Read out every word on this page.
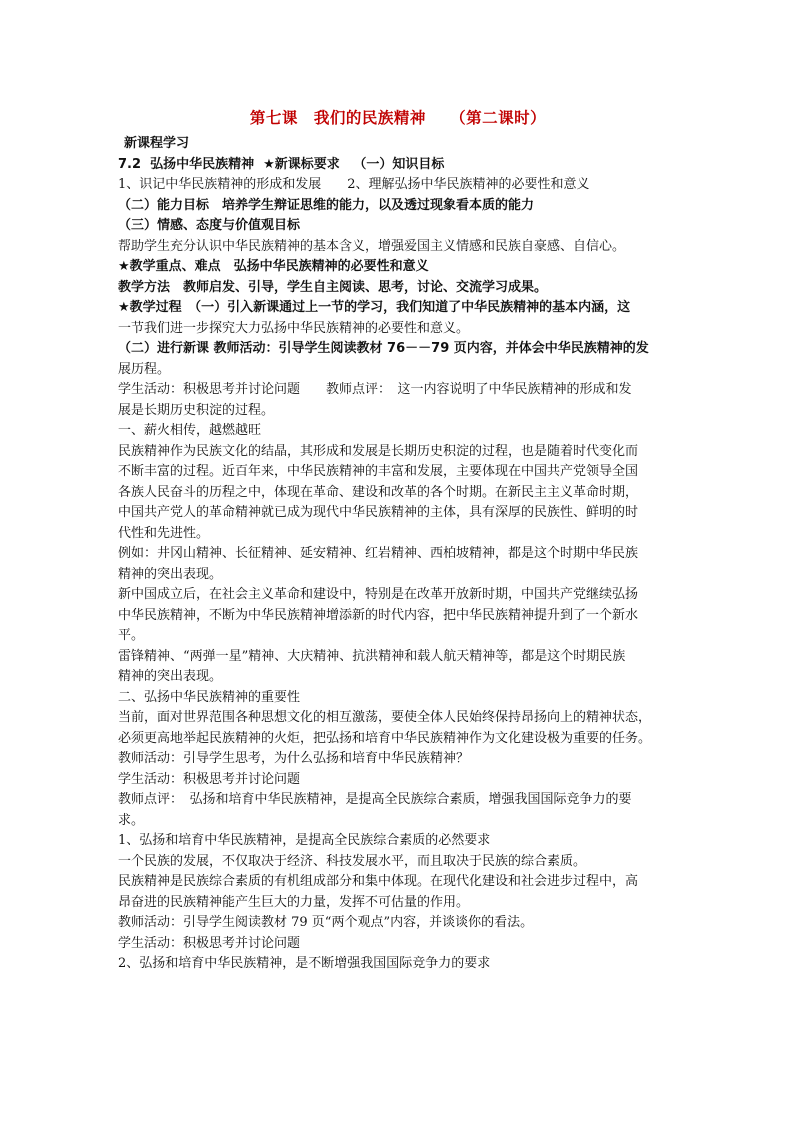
第七课　我们的民族精神　　（第二课时）
新课程学习
7.2  弘扬中华民族精神  ★新课标要求   （一）知识目标
1、识记中华民族精神的形成和发展　　2、理解弘扬中华民族精神的必要性和意义
（二）能力目标　培养学生辩证思维的能力，以及透过现象看本质的能力
（三）情感、态度与价值观目标
帮助学生充分认识中华民族精神的基本含义，增强爱国主义情感和民族自豪感、自信心。
★教学重点、难点　弘扬中华民族精神的必要性和意义
教学方法　教师启发、引导，学生自主阅读、思考，讨论、交流学习成果。
★教学过程　（一）引入新课通过上一节的学习，我们知道了中华民族精神的基本内涵，这
一节我们进一步探究大力弘扬中华民族精神的必要性和意义。
（二）进行新课 教师活动：引导学生阅读教材 76－－79 页内容，并体会中华民族精神的发
展历程。
学生活动：积极思考并讨论问题　　教师点评：　这一内容说明了中华民族精神的形成和发
展是长期历史积淀的过程。
一、薪火相传，越燃越旺
民族精神作为民族文化的结晶，其形成和发展是长期历史积淀的过程，也是随着时代变化而
不断丰富的过程。近百年来，中华民族精神的丰富和发展，主要体现在中国共产党领导全国
各族人民奋斗的历程之中，体现在革命、建设和改革的各个时期。在新民主主义革命时期，
中国共产党人的革命精神就已成为现代中华民族精神的主体，具有深厚的民族性、鲜明的时
代性和先进性。
例如：井冈山精神、长征精神、延安精神、红岩精神、西柏坡精神，都是这个时期中华民族
精神的突出表现。
新中国成立后，在社会主义革命和建设中，特别是在改革开放新时期，中国共产党继续弘扬
中华民族精神，不断为中华民族精神增添新的时代内容，把中华民族精神提升到了一个新水
平。
雷锋精神、“两弹一星”精神、大庆精神、抗洪精神和载人航天精神等，都是这个时期民族
精神的突出表现。
二、弘扬中华民族精神的重要性
当前，面对世界范围各种思想文化的相互激荡，要使全体人民始终保持昂扬向上的精神状态，
必须更高地举起民族精神的火炬，把弘扬和培育中华民族精神作为文化建设极为重要的任务。
教师活动：引导学生思考，为什么弘扬和培育中华民族精神？
学生活动：积极思考并讨论问题
教师点评：　弘扬和培育中华民族精神，是提高全民族综合素质，增强我国国际竞争力的要
求。
1、弘扬和培育中华民族精神，是提高全民族综合素质的必然要求
一个民族的发展，不仅取决于经济、科技发展水平，而且取决于民族的综合素质。
民族精神是民族综合素质的有机组成部分和集中体现。在现代化建设和社会进步过程中，高
昂奋进的民族精神能产生巨大的力量，发挥不可估量的作用。
教师活动：引导学生阅读教材 79 页“两个观点”内容，并谈谈你的看法。
学生活动：积极思考并讨论问题
2、弘扬和培育中华民族精神，是不断增强我国国际竞争力的要求
